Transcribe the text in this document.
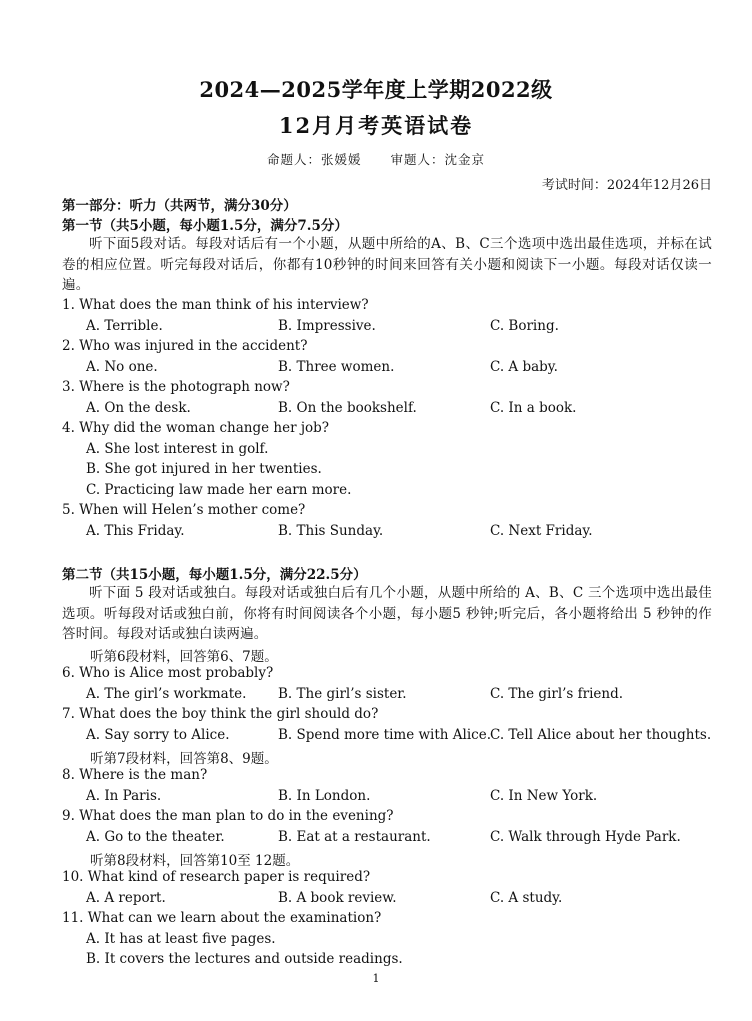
2024—2025学年度上学期2022级
12月月考英语试卷
命题人：张媛媛 审题人：沈金京
考试时间：2024年12月26日
第一部分：听力（共两节，满分30分）
第一节（共5小题，每小题1.5分，满分7.5分）
听下面5段对话。每段对话后有一个小题，从题中所给的A、B、C三个选项中选出最佳选项，并标在试卷的相应位置。听完每段对话后，你都有10秒钟的时间来回答有关小题和阅读下一小题。每段对话仅读一遍。
1. What does the man think of his interview?
A. Terrible.	B. Impressive.	C. Boring.
2. Who was injured in the accident?
A. No one.	B. Three women.	C. A baby.
3. Where is the photograph now?
A. On the desk.	B. On the bookshelf.	C. In a book.
4. Why did the woman change her job?
A. She lost interest in golf.
B. She got injured in her twenties.
C. Practicing law made her earn more.
5. When will Helen’s mother come?
A. This Friday.	B. This Sunday.	C. Next Friday.
第二节（共15小题，每小题1.5分，满分22.5分）
听下面 5 段对话或独白。每段对话或独白后有几个小题，从题中所给的 A、B、C 三个选项中选出最佳选项。听每段对话或独白前，你将有时间阅读各个小题，每小题5 秒钟;听完后，各小题将给出 5 秒钟的作答时间。每段对话或独白读两遍。
听第6段材料，回答第6、7题。
6. Who is Alice most probably?
A. The girl’s workmate. B. The girl’s sister.	C. The girl’s friend.
7. What does the boy think the girl should do?
A. Say sorry to Alice.	B. Spend more time with Alice.
C. Tell Alice about her thoughts.
听第7段材料，回答第8、9题。
8. Where is the man?
A. In Paris.	B. In London.	C. In New York.
9. What does the man plan to do in the evening?
A. Go to the theater.	B. Eat at a restaurant.	C. Walk through Hyde Park.
听第8段材料，回答第10至 12题。
10. What kind of research paper is required?
A. A report.	B. A book review.	C. A study.
11. What can we learn about the examination?
A. It has at least five pages.
B. It covers the lectures and outside readings.
1
